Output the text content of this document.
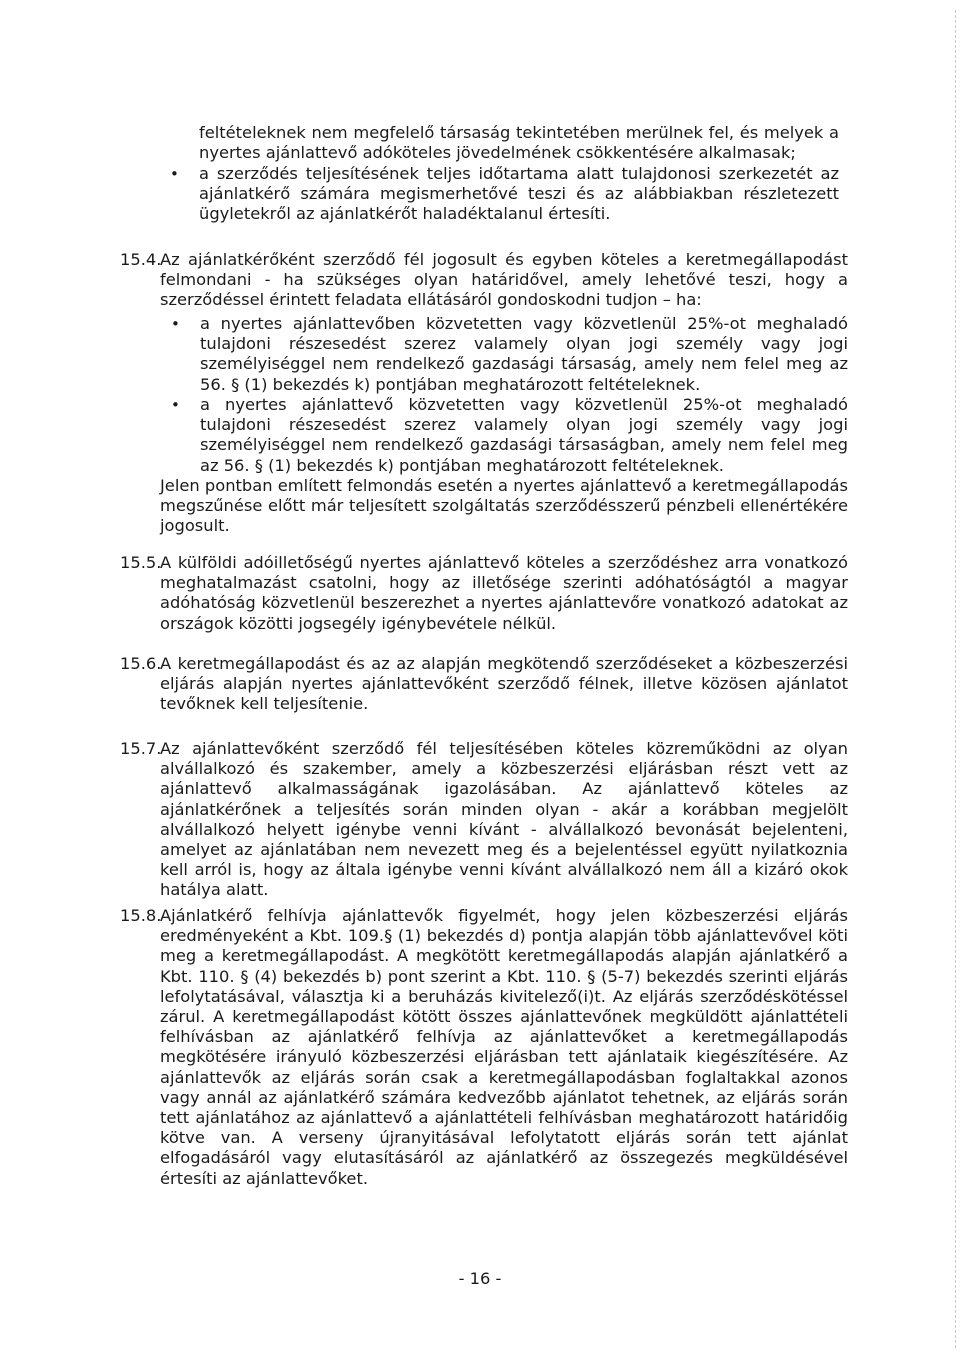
feltételeknek nem megfelelő társaság tekintetében merülnek fel, és melyek a nyertes ajánlattevő adóköteles jövedelmének csökkentésére alkalmasak;

• a szerződés teljesítésének teljes időtartama alatt tulajdonosi szerkezetét az ajánlatkérő számára megismerhetővé teszi és az alábbiakban részletezett ügyletekről az ajánlatkérőt haladéktalanul értesíti.

15.4.

Az ajánlatkérőként szerződő fél jogosult és egyben köteles a keretmegállapodást felmondani - ha szükséges olyan határidővel, amely lehetővé teszi, hogy a szerződéssel érintett feladata ellátásáról gondoskodni tudjon – ha:

• a nyertes ajánlattevőben közvetetten vagy közvetlenül 25%-ot meghaladó tulajdoni részesedést szerez valamely olyan jogi személy vagy jogi személyiséggel nem rendelkező gazdasági társaság, amely nem felel meg az 56. § (1) bekezdés k) pontjában meghatározott feltételeknek.

• a nyertes ajánlattevő közvetetten vagy közvetlenül 25%-ot meghaladó tulajdoni részesedést szerez valamely olyan jogi személy vagy jogi személyiséggel nem rendelkező gazdasági társaságban, amely nem felel meg az 56. § (1) bekezdés k) pontjában meghatározott feltételeknek.

Jelen pontban említett felmondás esetén a nyertes ajánlattevő a keretmegállapodás megszűnése előtt már teljesített szolgáltatás szerződésszerű pénzbeli ellenértékére jogosult.

15.5.

A külföldi adóilletőségű nyertes ajánlattevő köteles a szerződéshez arra vonatkozó meghatalmazást csatolni, hogy az illetősége szerinti adóhatóságtól a magyar adóhatóság közvetlenül beszerezhet a nyertes ajánlattevőre vonatkozó adatokat az országok közötti jogsegély igénybevétele nélkül.

15.6.

A keretmegállapodást és az az alapján megkötendő szerződéseket a közbeszerzési eljárás alapján nyertes ajánlattevőként szerződő félnek, illetve közösen ajánlatot tevőknek kell teljesítenie.

15.7.

Az ajánlattevőként szerződő fél teljesítésében köteles közreműködni az olyan alvállalkozó és szakember, amely a közbeszerzési eljárásban részt vett az ajánlattevő alkalmasságának igazolásában. Az ajánlattevő köteles az ajánlatkérőnek a teljesítés során minden olyan - akár a korábban megjelölt alvállalkozó helyett igénybe venni kívánt - alvállalkozó bevonását bejelenteni, amelyet az ajánlatában nem nevezett meg és a bejelentéssel együtt nyilatkoznia kell arról is, hogy az általa igénybe venni kívánt alvállalkozó nem áll a kizáró okok hatálya alatt.

15.8.

Ajánlatkérő felhívja ajánlattevők figyelmét, hogy jelen közbeszerzési eljárás eredményeként a Kbt. 109.§ (1) bekezdés d) pontja alapján több ajánlattevővel köti meg a keretmegállapodást. A megkötött keretmegállapodás alapján ajánlatkérő a Kbt. 110. § (4) bekezdés b) pont szerint a Kbt. 110. § (5-7) bekezdés szerinti eljárás lefolytatásával, választja ki a beruházás kivitelező(i)t. Az eljárás szerződéskötéssel zárul. A keretmegállapodást kötött összes ajánlattevőnek megküldött ajánlattételi felhívásban az ajánlatkérő felhívja az ajánlattevőket a keretmegállapodás megkötésére irányuló közbeszerzési eljárásban tett ajánlataik kiegészítésére. Az ajánlattevők az eljárás során csak a keretmegállapodásban foglaltakkal azonos vagy annál az ajánlatkérő számára kedvezőbb ajánlatot tehetnek, az eljárás során tett ajánlatához az ajánlattevő a ajánlattételi felhívásban meghatározott határidőig kötve van. A verseny újranyitásával lefolytatott eljárás során tett ajánlat elfogadásáról vagy elutasításáról az ajánlatkérő az összegezés megküldésével értesíti az ajánlattevőket.

- 16 -
